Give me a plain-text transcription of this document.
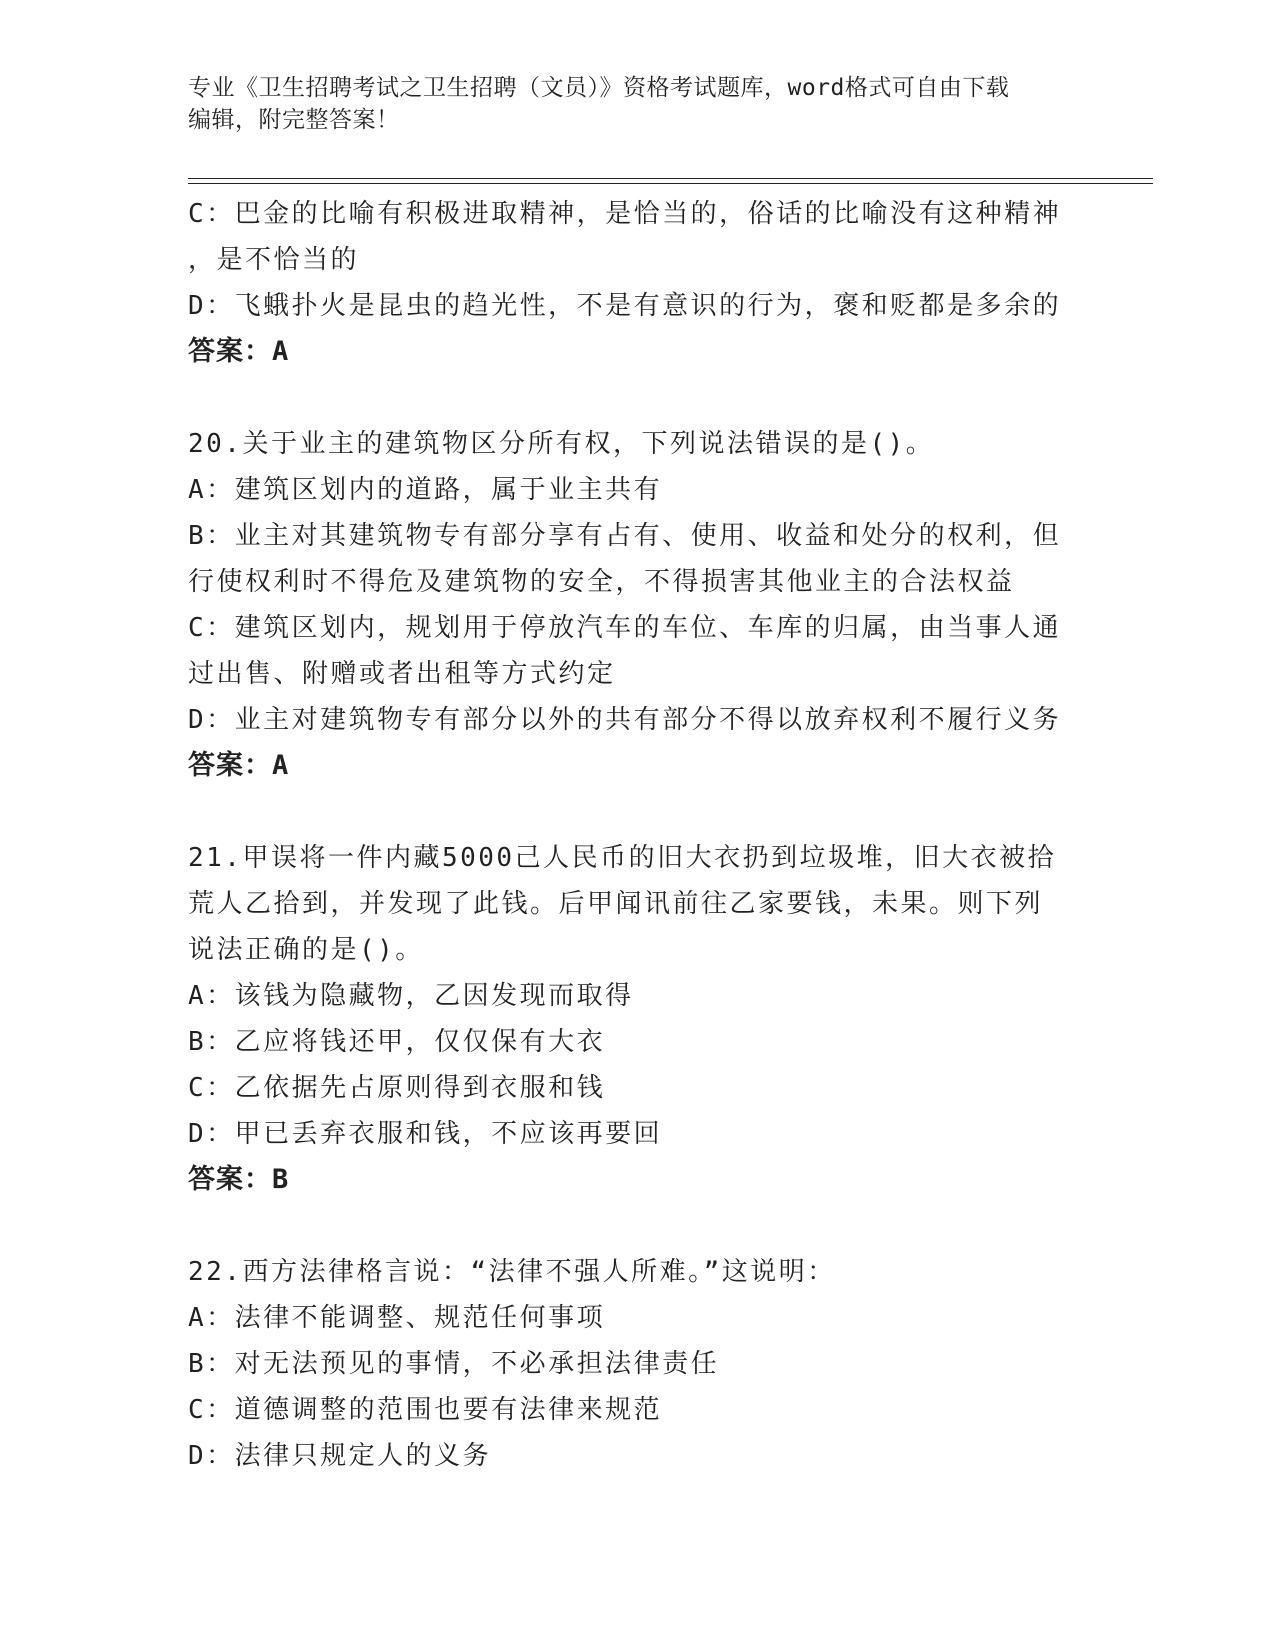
专业《卫生招聘考试之卫生招聘（文员）》资格考试题库，word格式可自由下载
编辑，附完整答案！
C：巴金的比喻有积极进取精神，是恰当的，俗话的比喻没有这种精神
，是不恰当的
D：飞蛾扑火是昆虫的趋光性，不是有意识的行为，褒和贬都是多余的
答案：A
20.关于业主的建筑物区分所有权，下列说法错误的是()。
A：建筑区划内的道路，属于业主共有
B：业主对其建筑物专有部分享有占有、使用、收益和处分的权利，但
行使权利时不得危及建筑物的安全，不得损害其他业主的合法权益
C：建筑区划内，规划用于停放汽车的车位、车库的归属，由当事人通
过出售、附赠或者出租等方式约定
D：业主对建筑物专有部分以外的共有部分不得以放弃权利不履行义务
答案：A
21.甲误将一件内藏5000己人民币的旧大衣扔到垃圾堆，旧大衣被拾
荒人乙拾到，并发现了此钱。后甲闻讯前往乙家要钱，未果。则下列
说法正确的是()。
A：该钱为隐藏物，乙因发现而取得
B：乙应将钱还甲，仅仅保有大衣
C：乙依据先占原则得到衣服和钱
D：甲已丢弃衣服和钱，不应该再要回
答案：B
22.西方法律格言说：“法律不强人所难。”这说明：
A：法律不能调整、规范任何事项
B：对无法预见的事情，不必承担法律责任
C：道德调整的范围也要有法律来规范
D：法律只规定人的义务
